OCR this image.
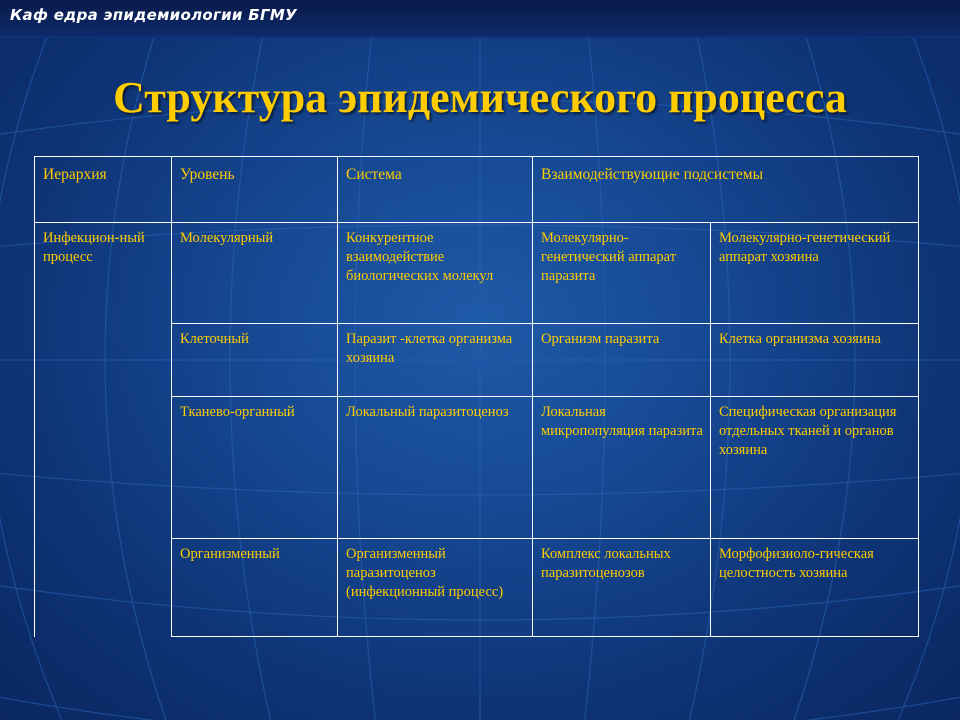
Каф едра эпидемиологии БГМУ
Структура эпидемического процесса
Иерархия	Уровень	Система	Взаимодействующие подсистемы	
Инфекцион-ный процесс	Молекулярный	Конкурентное взаимодействие биологических молекул	Молекулярно-генетический аппарат паразита	Молекулярно-генетический аппарат хозяина
	Клеточный	Паразит -клетка организма хозяина	Организм паразита	Клетка организма хозяина
	Тканево-органный	Локальный паразитоценоз	Локальная микропопуляция паразита	Специфическая организация отдельных тканей и органов хозяина
	Организменный	Организменный паразитоценоз (инфекционный процесс)	Комплекс локальных паразитоценозов	Морфофизиоло-гическая целостность хозяина
